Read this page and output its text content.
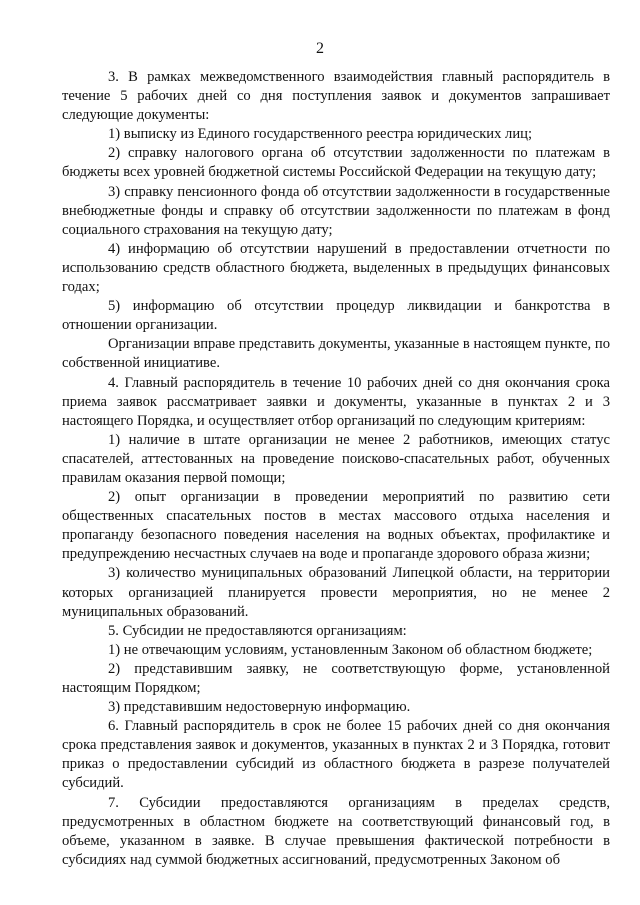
2

3. В рамках межведомственного взаимодействия главный распорядитель в течение 5 рабочих дней со дня поступления заявок и документов запрашивает следующие документы:

1) выписку из Единого государственного реестра юридических лиц;

2) справку налогового органа об отсутствии задолженности по платежам в бюджеты всех уровней бюджетной системы Российской Федерации на текущую дату;

3) справку пенсионного фонда об отсутствии задолженности в государственные внебюджетные фонды и справку об отсутствии задолженности по платежам в фонд социального страхования на текущую дату;

4) информацию об отсутствии нарушений в предоставлении отчетности по использованию средств областного бюджета, выделенных в предыдущих финансовых годах;

5) информацию об отсутствии процедур ликвидации и банкротства в отношении организации.

Организации вправе представить документы, указанные в настоящем пункте, по собственной инициативе.

4. Главный распорядитель в течение 10 рабочих дней со дня окончания срока приема заявок рассматривает заявки и документы, указанные в пунктах 2 и 3 настоящего Порядка, и осуществляет отбор организаций по следующим критериям:

1) наличие в штате организации не менее 2 работников, имеющих статус спасателей, аттестованных на проведение поисково-спасательных работ, обученных правилам оказания первой помощи;

2) опыт организации в проведении мероприятий по развитию сети общественных спасательных постов в местах массового отдыха населения и пропаганду безопасного поведения населения на водных объектах, профилактике и предупреждению несчастных случаев на воде и пропаганде здорового образа жизни;

3) количество муниципальных образований Липецкой области, на территории которых организацией планируется провести мероприятия, но не менее 2 муниципальных образований.

5. Субсидии не предоставляются организациям:

1) не отвечающим условиям, установленным Законом об областном бюджете;

2) представившим заявку, не соответствующую форме, установленной настоящим Порядком;

3) представившим недостоверную информацию.

6. Главный распорядитель в срок не более 15 рабочих дней со дня окончания срока представления заявок и документов, указанных в пунктах 2 и 3 Порядка, готовит приказ о предоставлении субсидий из областного бюджета в разрезе получателей субсидий.

7. Субсидии предоставляются организациям в пределах средств, предусмотренных в областном бюджете на соответствующий финансовый год, в объеме, указанном в заявке. В случае превышения фактической потребности в субсидиях над суммой бюджетных ассигнований, предусмотренных Законом об
